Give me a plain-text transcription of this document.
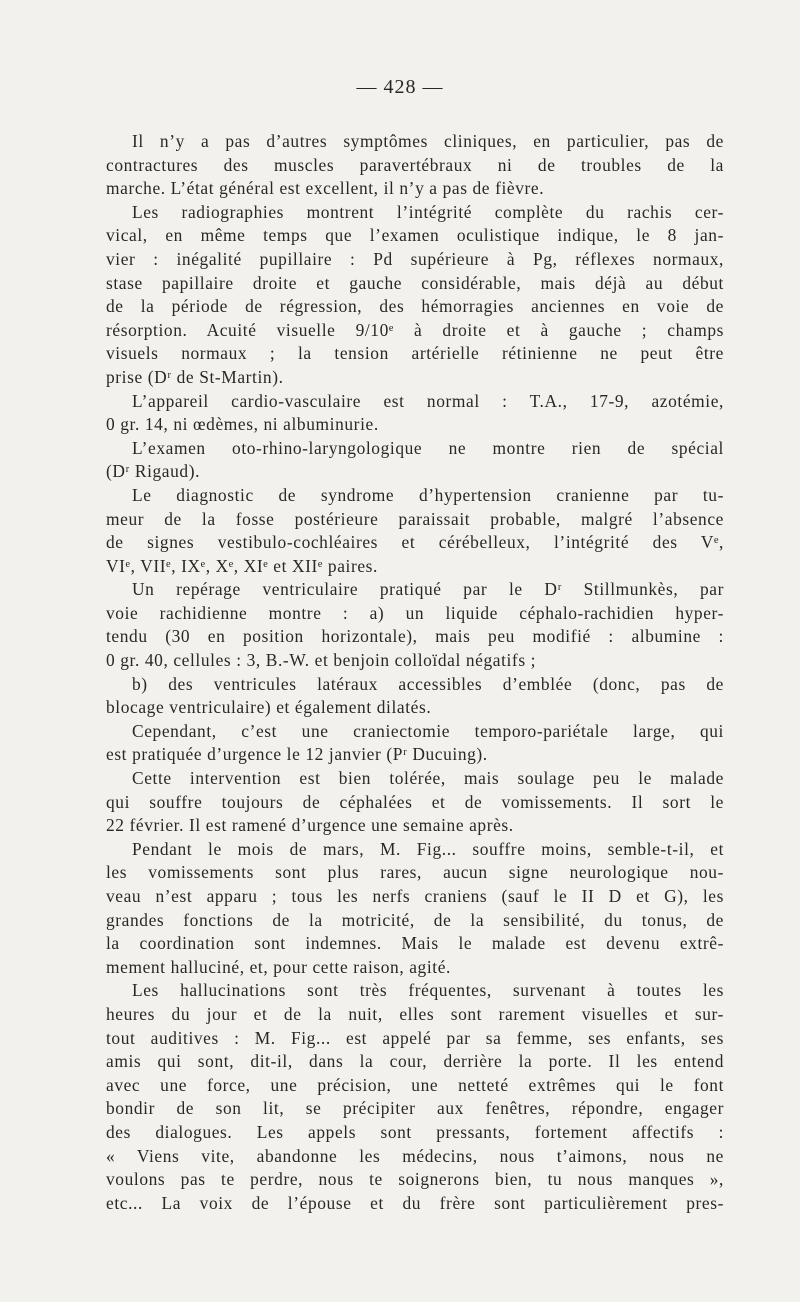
— 428 —
Il n’y a pas d’autres symptômes cliniques, en particulier, pas de
contractures des muscles paravertébraux ni de troubles de la
marche. L’état général est excellent, il n’y a pas de fièvre.
Les radiographies montrent l’intégrité complète du rachis cer-
vical, en même temps que l’examen oculistique indique, le 8 jan-
vier : inégalité pupillaire : Pd supérieure à Pg, réflexes normaux,
stase papillaire droite et gauche considérable, mais déjà au début
de la période de régression, des hémorragies anciennes en voie de
résorption. Acuité visuelle 9/10ᵉ à droite et à gauche ; champs
visuels normaux ; la tension artérielle rétinienne ne peut être
prise (Dʳ de St-Martin).
L’appareil cardio-vasculaire est normal : T.A., 17-9, azotémie,
0 gr. 14, ni œdèmes, ni albuminurie.
L’examen oto-rhino-laryngologique ne montre rien de spécial
(Dʳ Rigaud).
Le diagnostic de syndrome d’hypertension cranienne par tu-
meur de la fosse postérieure paraissait probable, malgré l’absence
de signes vestibulo-cochléaires et cérébelleux, l’intégrité des Vᵉ,
VIᵉ, VIIᵉ, IXᵉ, Xᵉ, XIᵉ et XIIᵉ paires.
Un repérage ventriculaire pratiqué par le Dʳ Stillmunkès, par
voie rachidienne montre : a) un liquide céphalo-rachidien hyper-
tendu (30 en position horizontale), mais peu modifié : albumine :
0 gr. 40, cellules : 3, B.-W. et benjoin colloïdal négatifs ;
b) des ventricules latéraux accessibles d’emblée (donc, pas de
blocage ventriculaire) et également dilatés.
Cependant, c’est une craniectomie temporo-pariétale large, qui
est pratiquée d’urgence le 12 janvier (Pʳ Ducuing).
Cette intervention est bien tolérée, mais soulage peu le malade
qui souffre toujours de céphalées et de vomissements. Il sort le
22 février. Il est ramené d’urgence une semaine après.
Pendant le mois de mars, M. Fig... souffre moins, semble-t-il, et
les vomissements sont plus rares, aucun signe neurologique nou-
veau n’est apparu ; tous les nerfs craniens (sauf le II D et G), les
grandes fonctions de la motricité, de la sensibilité, du tonus, de
la coordination sont indemnes. Mais le malade est devenu extrê-
mement halluciné, et, pour cette raison, agité.
Les hallucinations sont très fréquentes, survenant à toutes les
heures du jour et de la nuit, elles sont rarement visuelles et sur-
tout auditives : M. Fig... est appelé par sa femme, ses enfants, ses
amis qui sont, dit-il, dans la cour, derrière la porte. Il les entend
avec une force, une précision, une netteté extrêmes qui le font
bondir de son lit, se précipiter aux fenêtres, répondre, engager
des dialogues. Les appels sont pressants, fortement affectifs :
« Viens vite, abandonne les médecins, nous t’aimons, nous ne
voulons pas te perdre, nous te soignerons bien, tu nous manques »,
etc... La voix de l’épouse et du frère sont particulièrement pres-
